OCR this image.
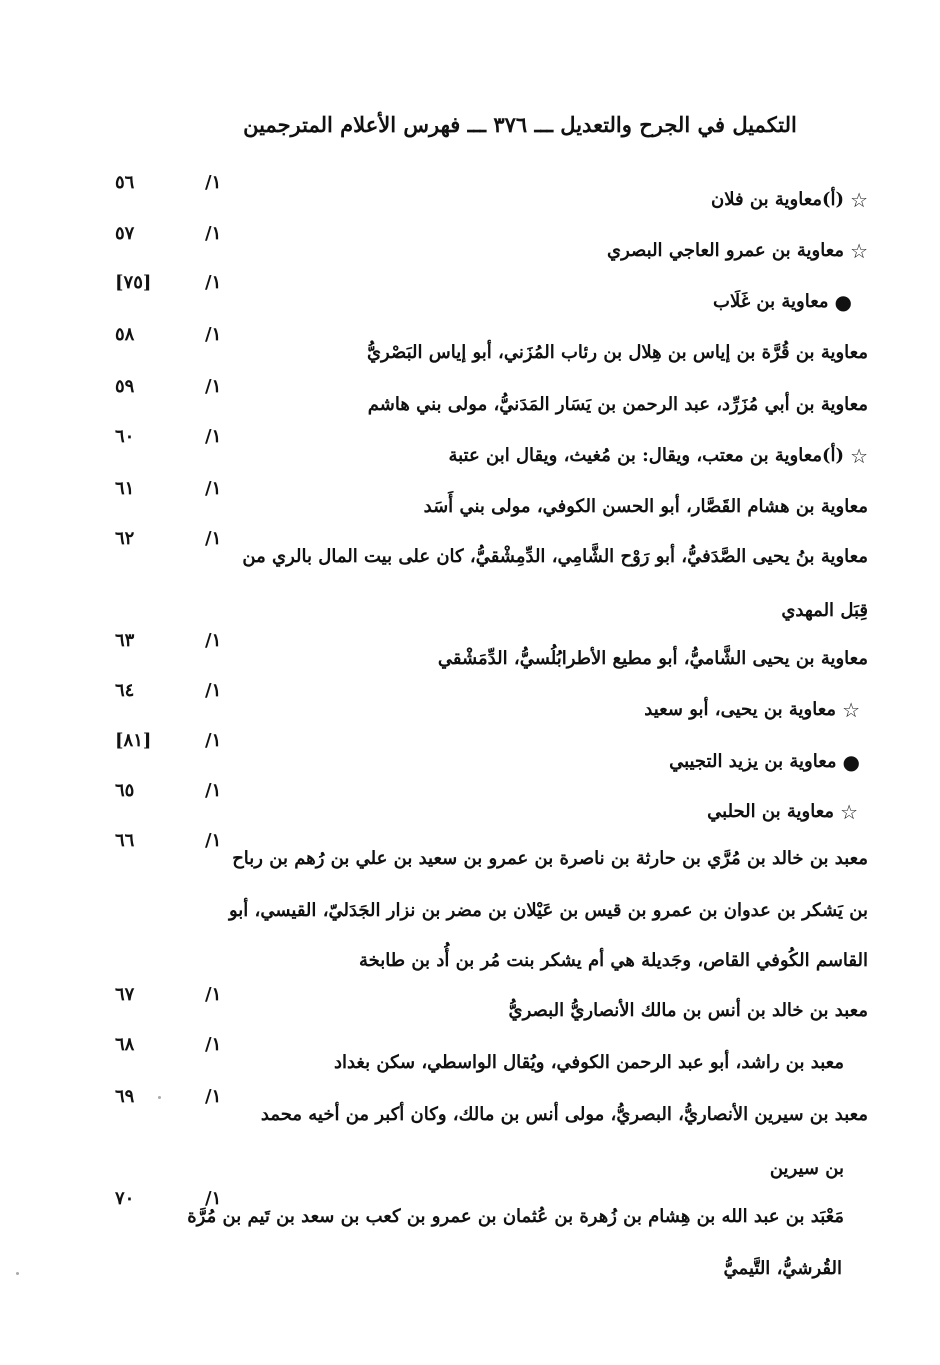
التكميل في الجرح والتعديل ـــ ٣٧٦ ـــ فهرس الأعلام المترجمين
☆(أ)معاوية بن فلان
١/
٥٦
☆معاوية بن عمرو العاجي البصري
١/
٥٧
●معاوية بن غَلَاب
١/
[٧٥]
معاوية بن قُرَّة بن إياس بن هِلال بن رئاب المُزَني، أبو إياس البَصْريُّ
١/
٥٨
معاوية بن أبي مُزَرِّد، عبد الرحمن بن يَسَار المَدَنيُّ، مولى بني هاشم
١/
٥٩
☆(أ)معاوية بن معتب، ويقال: بن مُغيث، ويقال ابن عتبة
١/
٦٠
معاوية بن هشام القَصَّار، أبو الحسن الكوفي، مولى بني أَسَد
١/
٦١
معاوية بنُ يحيى الصَّدَفيُّ، أبو رَوْح الشَّامِي، الدِّمِشْقيُّ، كان على بيت المال بالري من
١/
٦٢
قِبَل المهدي
معاوية بن يحيى الشَّاميُّ، أبو مطيع الأطرابُلُسيُّ، الدِّمَشْقي
١/
٦٣
☆معاوية بن يحيى، أبو سعيد
١/
٦٤
●معاوية بن يزيد التجيبي
١/
[٨١]
☆معاوية بن الحلبي
١/
٦٥
معبد بن خالد بن مُرَّي بن حارثة بن ناصرة بن عمرو بن سعيد بن علي بن رُهم بن رباح
١/
٦٦
بن يَشكر بن عدوان بن عمرو بن قيس بن عَيْلان بن مضر بن نزار الجَدَليّ، القيسي، أبو
القاسم الكُوفي القاص، وجَديلة هي أم يشكر بنت مُر بن أُد بن طابخة
معبد بن خالد بن أنس بن مالك الأنصاريُّ البصريُّ
١/
٦٧
معبد بن راشد، أبو عبد الرحمن الكوفي، ويُقال الواسطي، سكن بغداد
١/
٦٨
معبد بن سيرين الأنصاريُّ، البصريُّ، مولى أنس بن مالك، وكان أكبر من أخيه محمد
١/
٦٩
بن سيرين
مَعْبَد بن عبد الله بن هِشام بن زُهرة بن عُثمان بن عمرو بن كعب بن سعد بن تَيم بن مُرَّة
١/
٧٠
القُرشيُّ، التَّيميُّ
